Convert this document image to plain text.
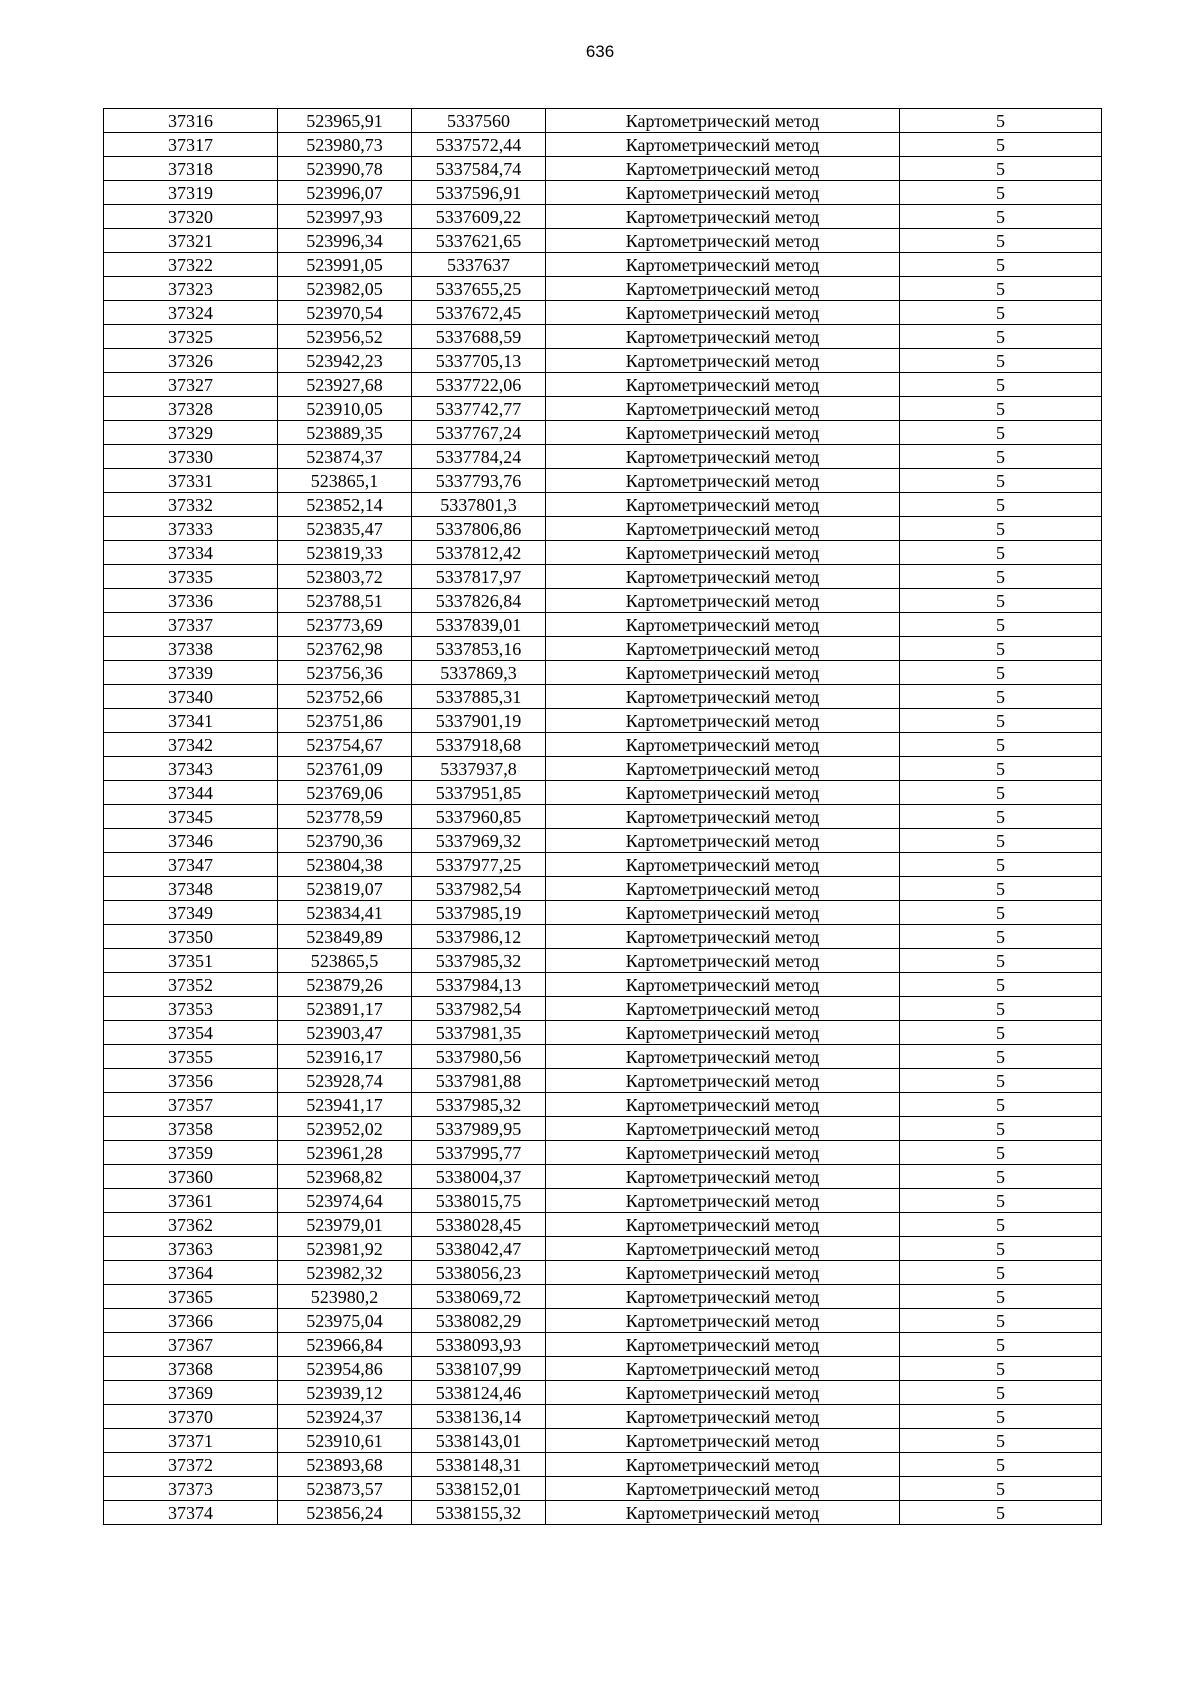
636
37316	523965,91	5337560	Картометрический метод	5
37317	523980,73	5337572,44	Картометрический метод	5
37318	523990,78	5337584,74	Картометрический метод	5
37319	523996,07	5337596,91	Картометрический метод	5
37320	523997,93	5337609,22	Картометрический метод	5
37321	523996,34	5337621,65	Картометрический метод	5
37322	523991,05	5337637	Картометрический метод	5
37323	523982,05	5337655,25	Картометрический метод	5
37324	523970,54	5337672,45	Картометрический метод	5
37325	523956,52	5337688,59	Картометрический метод	5
37326	523942,23	5337705,13	Картометрический метод	5
37327	523927,68	5337722,06	Картометрический метод	5
37328	523910,05	5337742,77	Картометрический метод	5
37329	523889,35	5337767,24	Картометрический метод	5
37330	523874,37	5337784,24	Картометрический метод	5
37331	523865,1	5337793,76	Картометрический метод	5
37332	523852,14	5337801,3	Картометрический метод	5
37333	523835,47	5337806,86	Картометрический метод	5
37334	523819,33	5337812,42	Картометрический метод	5
37335	523803,72	5337817,97	Картометрический метод	5
37336	523788,51	5337826,84	Картометрический метод	5
37337	523773,69	5337839,01	Картометрический метод	5
37338	523762,98	5337853,16	Картометрический метод	5
37339	523756,36	5337869,3	Картометрический метод	5
37340	523752,66	5337885,31	Картометрический метод	5
37341	523751,86	5337901,19	Картометрический метод	5
37342	523754,67	5337918,68	Картометрический метод	5
37343	523761,09	5337937,8	Картометрический метод	5
37344	523769,06	5337951,85	Картометрический метод	5
37345	523778,59	5337960,85	Картометрический метод	5
37346	523790,36	5337969,32	Картометрический метод	5
37347	523804,38	5337977,25	Картометрический метод	5
37348	523819,07	5337982,54	Картометрический метод	5
37349	523834,41	5337985,19	Картометрический метод	5
37350	523849,89	5337986,12	Картометрический метод	5
37351	523865,5	5337985,32	Картометрический метод	5
37352	523879,26	5337984,13	Картометрический метод	5
37353	523891,17	5337982,54	Картометрический метод	5
37354	523903,47	5337981,35	Картометрический метод	5
37355	523916,17	5337980,56	Картометрический метод	5
37356	523928,74	5337981,88	Картометрический метод	5
37357	523941,17	5337985,32	Картометрический метод	5
37358	523952,02	5337989,95	Картометрический метод	5
37359	523961,28	5337995,77	Картометрический метод	5
37360	523968,82	5338004,37	Картометрический метод	5
37361	523974,64	5338015,75	Картометрический метод	5
37362	523979,01	5338028,45	Картометрический метод	5
37363	523981,92	5338042,47	Картометрический метод	5
37364	523982,32	5338056,23	Картометрический метод	5
37365	523980,2	5338069,72	Картометрический метод	5
37366	523975,04	5338082,29	Картометрический метод	5
37367	523966,84	5338093,93	Картометрический метод	5
37368	523954,86	5338107,99	Картометрический метод	5
37369	523939,12	5338124,46	Картометрический метод	5
37370	523924,37	5338136,14	Картометрический метод	5
37371	523910,61	5338143,01	Картометрический метод	5
37372	523893,68	5338148,31	Картометрический метод	5
37373	523873,57	5338152,01	Картометрический метод	5
37374	523856,24	5338155,32	Картометрический метод	5
